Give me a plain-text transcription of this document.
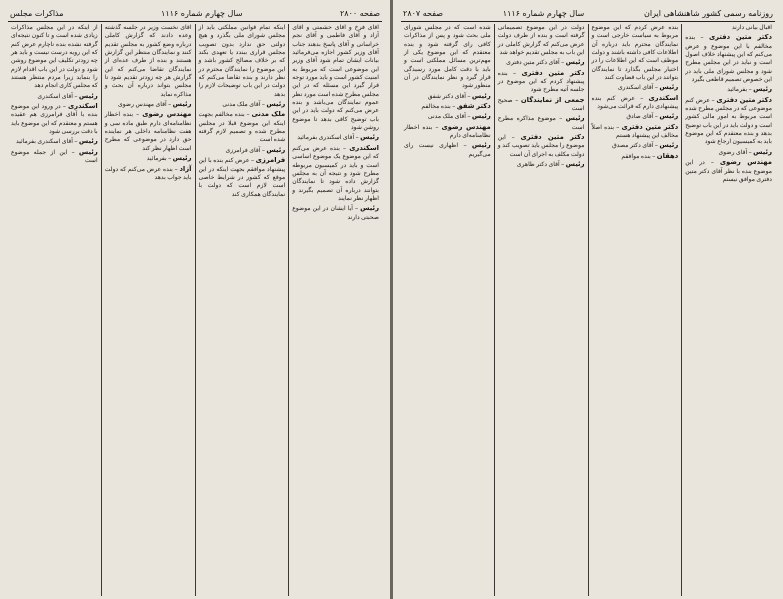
صفحه ۲۸۰۰
سال چهارم شماره ۱۱۱۶
مذاکرات مجلس

آقای فرخ و آقای حشمتی و آقای آزاد و آقای فاطمی و آقای نجم خراسانی و آقای پاسخ بدهند جناب آقای وزیر کشور اجازه می‌فرمائید بیانات ایشان تمام شود آقای وزیر این موضوعی است که مربوط به امنیت کشور است و باید مورد توجه قرار گیرد این مسئله که در این مجلس مطرح شده است مورد نظر عموم نمایندگان می‌باشد و بنده عرض می‌کنم که دولت باید در این باب توضیح کافی بدهد تا موضوع روشن شود

رئیس – آقای اسکندری بفرمائید

اسکندری – بنده عرض می‌کنم که این موضوع یک موضوع اساسی است و باید در کمیسیون مربوطه مطرح شود و نتیجه آن به مجلس گزارش داده شود تا نمایندگان بتوانند درباره آن تصمیم بگیرند و اظهار نظر نمایند

رئیس – آیا ایشان در این موضوع صحبتی دارند

اینکه تمام قوانین مملکتی باید از مجلس شورای ملی بگذرد و هیچ دولتی حق ندارد بدون تصویب مجلس قراری ببندد یا تعهدی بکند که بر خلاف مصالح کشور باشد و این موضوع را نمایندگان محترم در نظر دارند و بنده تقاضا می‌کنم که دولت در این باب توضیحات لازم را بدهد

رئیس – آقای ملک مدنی

ملک مدنی – بنده مخالفم بجهت اینکه این موضوع قبلا در مجلس مطرح شده و تصمیم لازم گرفته شده است

رئیس – آقای فرامرزی

فرامرزی – عرض کنم بنده با این پیشنهاد موافقم بجهت اینکه در این موقع که کشور در شرایط خاصی است لازم است که دولت با نمایندگان همکاری کند

آقای نخست وزیر در جلسه گذشته وعده دادند که گزارش کاملی درباره وضع کشور به مجلس تقدیم کنند و نمایندگان منتظر این گزارش هستند و بنده از طرف عده‌ای از نمایندگان تقاضا می‌کنم که این گزارش هر چه زودتر تقدیم شود تا مجلس بتواند درباره آن بحث و مذاکره نماید

رئیس – آقای مهندس رضوی

مهندس رضوی – بنده اخطار نظامنامه‌ای دارم طبق ماده سی و هفت نظامنامه داخلی هر نماینده حق دارد در موضوعی که مطرح است اظهار نظر کند

رئیس – بفرمائید

آزاد – بنده عرض می‌کنم که دولت باید جواب بدهد

از اینکه در این مجلس مذاکرات زیادی شده است و تا کنون نتیجه‌ای گرفته نشده بنده ناچارم عرض کنم که این رویه درست نیست و باید هر چه زودتر تکلیف این موضوع روشن شود و دولت در این باب اقدام لازم را بنماید زیرا مردم منتظر هستند که مجلس کاری انجام دهد

رئیس – آقای اسکندری

اسکندری – در ورود این موضوع بنده با آقای فرامرزی هم عقیده هستم و معتقدم که این موضوع باید با دقت بررسی شود

رئیس – آقای اسکندری بفرمائید

رئیس – این از جمله موضوع است

روزنامه رسمی کشور شاهنشاهی ایران
سال چهارم شماره ۱۱۱۶
صفحه ۲۸۰۷

اقبال بیانی دارند

دکتر متین دفتری – بنده مخالفم با این موضوع و عرض می‌کنم که این پیشنهاد خلاف اصول است و نباید در این مجلس مطرح شود و مجلس شورای ملی باید در این خصوص تصمیم قاطعی بگیرد

رئیس – بفرمائید

دکتر متین دفتری – عرض کنم موضوعی که در مجلس مطرح شده است مربوط به امور مالی کشور است و دولت باید در این باب توضیح بدهد و بنده معتقدم که این موضوع باید به کمیسیون ارجاع شود

رئیس – آقای رضوی

مهندس رضوی – در این موضوع بنده با نظر آقای دکتر متین دفتری موافق نیستم

بنده عرض کردم که این موضوع مربوط به سیاست خارجی است و نمایندگان محترم باید درباره آن اطلاعات کافی داشته باشند و دولت موظف است که این اطلاعات را در اختیار مجلس بگذارد تا نمایندگان بتوانند در این باب قضاوت کنند

رئیس – آقای اسکندری

اسکندری – عرض کنم بنده پیشنهادی دارم که قرائت می‌شود

رئیس – آقای صادق

دکتر متین دفتری – بنده اصلاً مخالف این پیشنهاد هستم

رئیس – آقای دکتر مصدق

دهقان – بنده موافقم

دولت در این موضوع تصمیماتی گرفته است و بنده از طرف دولت عرض می‌کنم که گزارش کاملی در این باب به مجلس تقدیم خواهد شد

رئیس – آقای دکتر متین دفتری

دکتر متین دفتری – بنده پیشنهاد کردم که این موضوع در جلسه آتیه مطرح شود

جمعی از نمایندگان – صحیح است

رئیس – موضوع مذاکره مطرح است

دکتر متین دفتری – این موضوع را مجلس باید تصویب کند و دولت مکلف به اجرای آن است

رئیس – آقای دکتر طاهری

شده است که در مجلس شورای ملی بحث شود و پس از مذاکرات کافی رای گرفته شود و بنده معتقدم که این موضوع یکی از مهم‌ترین مسائل مملکتی است و باید با دقت کامل مورد رسیدگی قرار گیرد و نظر نمایندگان در آن منظور شود

رئیس – آقای دکتر شفق

دکتر شفق – بنده مخالفم

رئیس – آقای ملک مدنی

مهندس رضوی – بنده اخطار نظامنامه‌ای دارم

رئیس – اظهاری نیست رای می‌گیریم
